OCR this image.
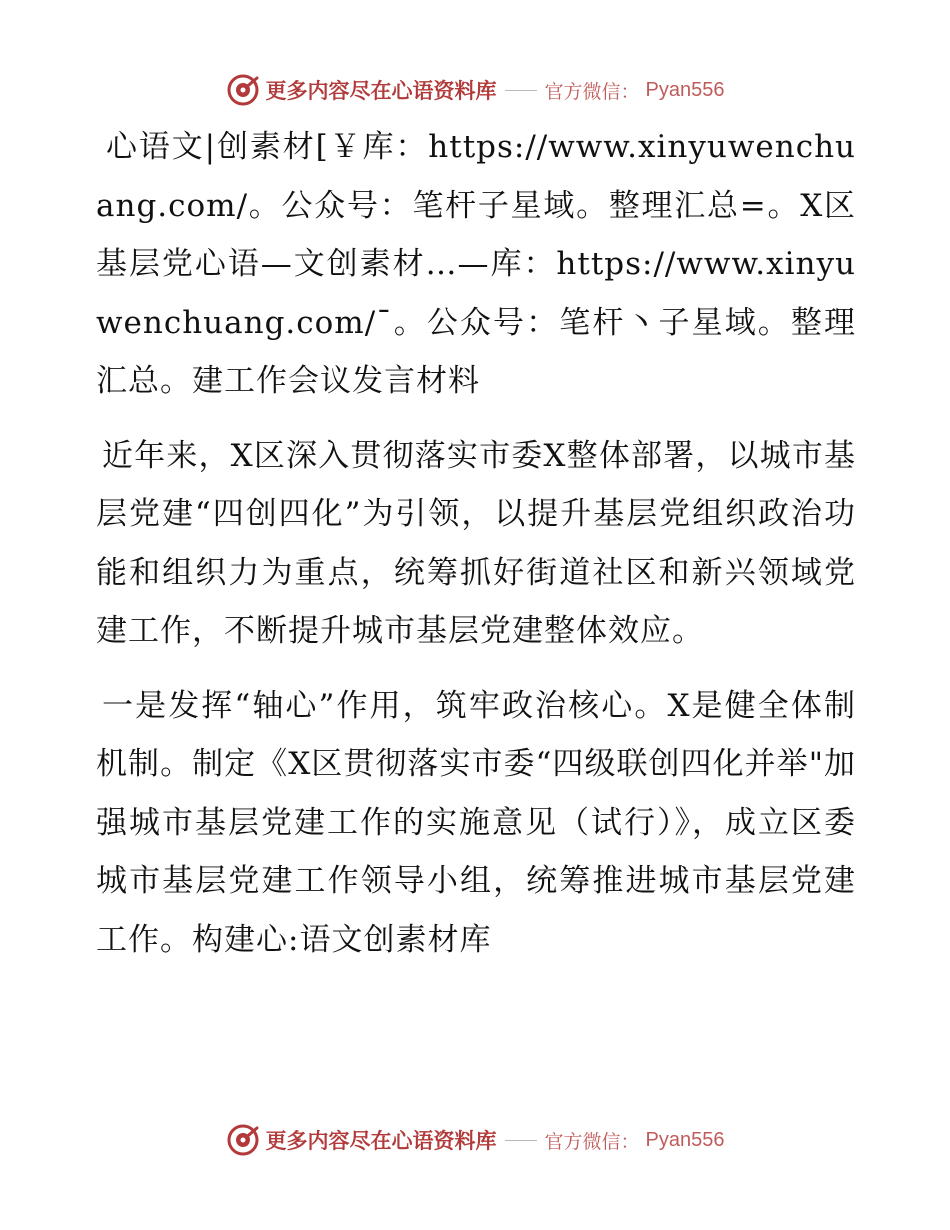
更多内容尽在心语资料库	官方微信： Pyan556

心语文|创素材[￥库：https://www.xinyuwenchuang.com/。公众号：笔杆子星域。整理汇总=。X区基层党心语—文创素材…—库：https://www.xinyuwenchuang.com/¯。公众号：笔杆丶子星域。整理汇总。建工作会议发言材料

近年来，X区深入贯彻落实市委X整体部署，以城市基层党建“四创四化”为引领，以提升基层党组织政治功能和组织力为重点，统筹抓好街道社区和新兴领域党建工作，不断提升城市基层党建整体效应。

一是发挥“轴心”作用，筑牢政治核心。X是健全体制机制。制定《X区贯彻落实市委“四级联创四化并举"加强城市基层党建工作的实施意见（试行）》，成立区委城市基层党建工作领导小组，统筹推进城市基层党建工作。构建心:语文创素材库

更多内容尽在心语资料库	官方微信： Pyan556
